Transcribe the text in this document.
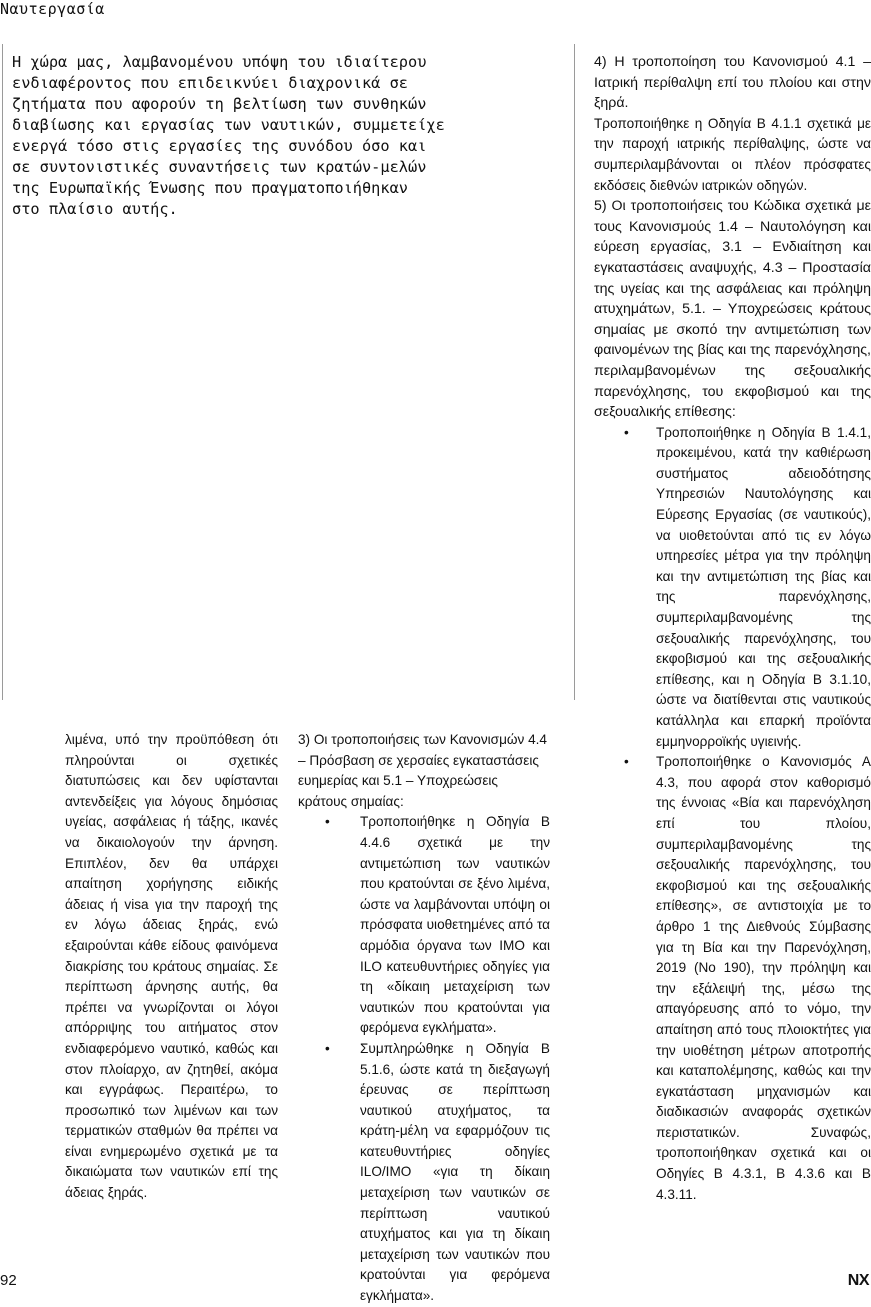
Ναυτεργασία
Η χώρα μας, λαμβανομένου υπόψη του ιδιαίτερου
ενδιαφέροντος που επιδεικνύει διαχρονικά σε
ζητήματα που αφορούν τη βελτίωση των συνθηκών
διαβίωσης και εργασίας των ναυτικών, συμμετείχε
ενεργά τόσο στις εργασίες της συνόδου όσο και
σε συντονιστικές συναντήσεις των κρατών-μελών
της Ευρωπαϊκής Ένωσης που πραγματοποιήθηκαν
στο πλαίσιο αυτής.

λιμένα, υπό την προϋπόθεση ότι πληρούνται οι σχετικές διατυπώσεις και δεν υφίστανται αντενδείξεις για λόγους δημόσιας υγείας, ασφάλειας ή τάξης, ικανές να δικαιολογούν την άρνηση. Επιπλέον, δεν θα υπάρχει απαίτηση χορήγησης ειδικής άδειας ή visa για την παροχή της εν λόγω άδειας ξηράς, ενώ εξαιρούνται κάθε είδους φαινόμενα διακρίσης του κράτους σημαίας. Σε περίπτωση άρνησης αυτής, θα πρέπει να γνωρίζονται οι λόγοι απόρριψης του αιτήματος στον ενδιαφερόμενο ναυτικό, καθώς και στον πλοίαρχο, αν ζητηθεί, ακόμα και εγγράφως. Περαιτέρω, το προσωπικό των λιμένων και των τερματικών σταθμών θα πρέπει να είναι ενημερωμένο σχετικά με τα δικαιώματα των ναυτικών επί της άδειας ξηράς.

3) Οι τροποποιήσεις των Κανονισμών 4.4 – Πρόσβαση σε χερσαίες εγκαταστάσεις ευημερίας και 5.1 – Υποχρεώσεις κράτους σημαίας:

•	Τροποποιήθηκε η Οδηγία Β 4.4.6 σχετικά με την αντιμετώπιση των ναυτικών που κρατούνται σε ξένο λιμένα, ώστε να λαμβάνονται υπόψη οι πρόσφατα υιοθετημένες από τα αρμόδια όργανα των IMO και ILO κατευθυντήριες οδηγίες για τη «δίκαιη μεταχείριση των ναυτικών που κρατούνται για φερόμενα εγκλήματα».
•	Συμπληρώθηκε η Οδηγία Β 5.1.6, ώστε κατά τη διεξαγωγή έρευνας σε περίπτωση ναυτικού ατυχήματος, τα κράτη-μέλη να εφαρμόζουν τις κατευθυντήριες οδηγίες ILO/IMO «για τη δίκαιη μεταχείριση των ναυτικών σε περίπτωση ναυτικού ατυχήματος και για τη δίκαιη μεταχείριση των ναυτικών που κρατούνται για φερόμενα εγκλήματα».

4) Η τροποποίηση του Κανονισμού 4.1 – Ιατρική περίθαλψη επί του πλοίου και στην ξηρά.

Τροποποιήθηκε η Οδηγία Β 4.1.1 σχετικά με την παροχή ιατρικής περίθαλψης, ώστε να συμπεριλαμβάνονται οι πλέον πρόσφατες εκδόσεις διεθνών ιατρικών οδηγών.

5) Οι τροποποιήσεις του Κώδικα σχετικά με τους Κανονισμούς 1.4 – Ναυτολόγηση και εύρεση εργασίας, 3.1 – Ενδιαίτηση και εγκαταστάσεις αναψυχής, 4.3 – Προστασία της υγείας και της ασφάλειας και πρόληψη ατυχημάτων, 5.1. – Υποχρεώσεις κράτους σημαίας με σκοπό την αντιμετώπιση των φαινομένων της βίας και της παρενόχλησης, περιλαμβανομένων της σεξουαλικής παρενόχλησης, του εκφοβισμού και της σεξουαλικής επίθεσης:

•	Τροποποιήθηκε η Οδηγία Β 1.4.1, προκειμένου, κατά την καθιέρωση συστήματος αδειοδότησης Υπηρεσιών Ναυτολόγησης και Εύρεσης Εργασίας (σε ναυτικούς), να υιοθετούνται από τις εν λόγω υπηρεσίες μέτρα για την πρόληψη και την αντιμετώπιση της βίας και της παρενόχλησης, συμπεριλαμβανομένης της σεξουαλικής παρενόχλησης, του εκφοβισμού και της σεξουαλικής επίθεσης, και η Οδηγία Β 3.1.10, ώστε να διατίθενται στις ναυτικούς κατάλληλα και επαρκή προϊόντα εμμηνορροϊκής υγιεινής.
•	Τροποποιήθηκε ο Κανονισμός Α 4.3, που αφορά στον καθορισμό της έννοιας «Βία και παρενόχληση επί του πλοίου, συμπεριλαμβανομένης της σεξουαλικής παρενόχλησης, του εκφοβισμού και της σεξουαλικής επίθεσης», σε αντιστοιχία με το άρθρο 1 της Διεθνούς Σύμβασης για τη Βία και την Παρενόχληση, 2019 (Νο 190), την πρόληψη και την εξάλειψή της, μέσω της απαγόρευσης από το νόμο, την απαίτηση από τους πλοιοκτήτες για την υιοθέτηση μέτρων αποτροπής και καταπολέμησης, καθώς και την εγκατάσταση μηχανισμών και διαδικασιών αναφοράς σχετικών περιστατικών. Συναφώς, τροποποιήθηκαν σχετικά και οι Οδηγίες Β 4.3.1, Β 4.3.6 και Β 4.3.11.
92	NX
